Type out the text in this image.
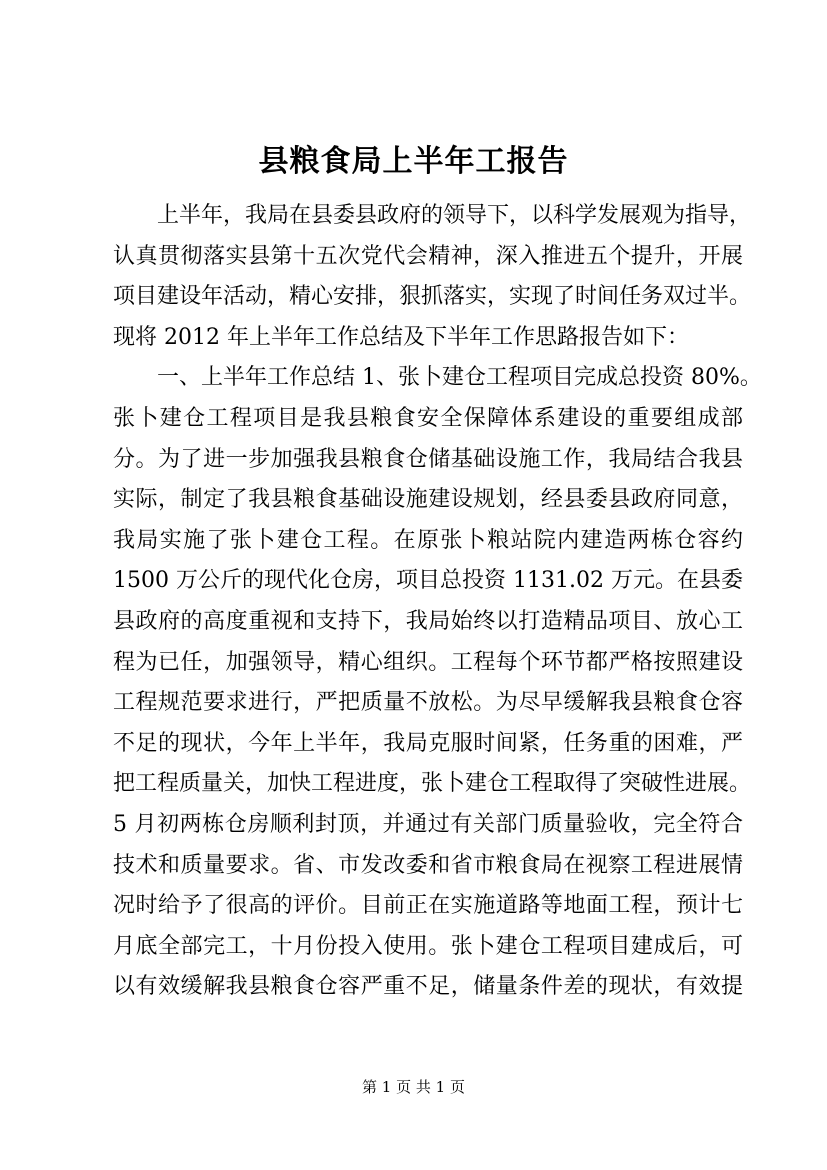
县粮食局上半年工报告
上半年，我局在县委县政府的领导下，以科学发展观为指导，
认真贯彻落实县第十五次党代会精神，深入推进五个提升，开展
项目建设年活动，精心安排，狠抓落实，实现了时间任务双过半。
现将 2012 年上半年工作总结及下半年工作思路报告如下：
一、上半年工作总结 1、张卜建仓工程项目完成总投资 80%。
张卜建仓工程项目是我县粮食安全保障体系建设的重要组成部
分。为了进一步加强我县粮食仓储基础设施工作，我局结合我县
实际，制定了我县粮食基础设施建设规划，经县委县政府同意，
我局实施了张卜建仓工程。在原张卜粮站院内建造两栋仓容约
1500 万公斤的现代化仓房，项目总投资 1131.02 万元。在县委
县政府的高度重视和支持下，我局始终以打造精品项目、放心工
程为已任，加强领导，精心组织。工程每个环节都严格按照建设
工程规范要求进行，严把质量不放松。为尽早缓解我县粮食仓容
不足的现状，今年上半年，我局克服时间紧，任务重的困难，严
把工程质量关，加快工程进度，张卜建仓工程取得了突破性进展。
5 月初两栋仓房顺利封顶，并通过有关部门质量验收，完全符合
技术和质量要求。省、市发改委和省市粮食局在视察工程进展情
况时给予了很高的评价。目前正在实施道路等地面工程，预计七
月底全部完工，十月份投入使用。张卜建仓工程项目建成后，可
以有效缓解我县粮食仓容严重不足，储量条件差的现状，有效提
第 1 页 共 1 页
